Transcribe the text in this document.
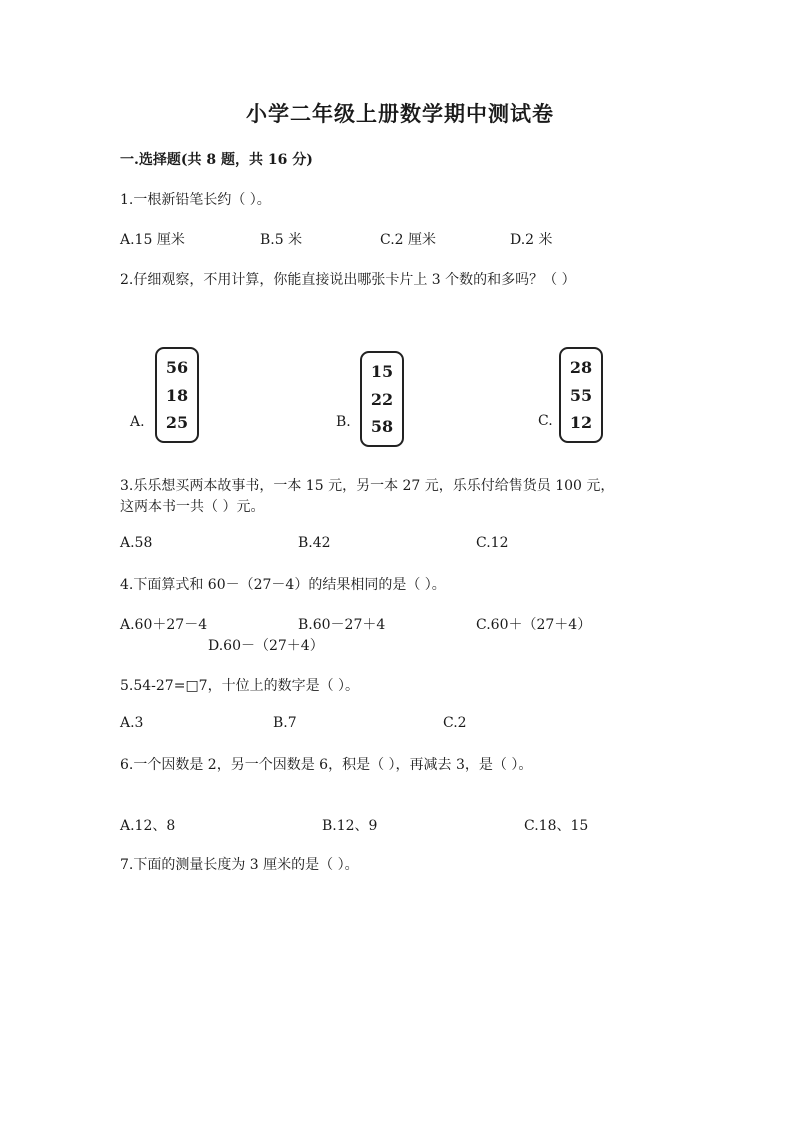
小学二年级上册数学期中测试卷
一.选择题(共 8 题，共 16 分)
1.一根新铅笔长约（ ）。
A.15 厘米	B.5 米	C.2 厘米	D.2 米
2.仔细观察，不用计算，你能直接说出哪张卡片上 3 个数的和多吗？（ ）
A.
56
18
25	B.
15
22
58	C.
28
55
12
3.乐乐想买两本故事书，一本 15 元，另一本 27 元，乐乐付给售货员 100 元，
这两本书一共（ ）元。
A.58	B.42	C.12
4.下面算式和 60－（27－4）的结果相同的是（ ）。
A.60＋27－4	B.60－27＋4	C.60＋（27＋4）
D.60－（27＋4）
5.54-27=□7，十位上的数字是（ ）。
A.3	B.7	C.2
6.一个因数是 2，另一个因数是 6，积是（ ），再减去 3，是（ ）。
A.12、8	B.12、9	C.18、15
7.下面的测量长度为 3 厘米的是（ ）。
